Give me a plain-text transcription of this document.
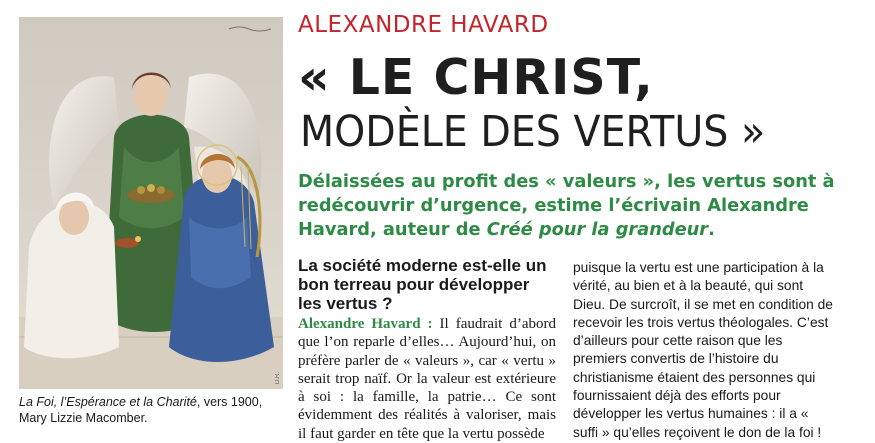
D.R.
La Foi, l’Espérance et la Charité, vers 1900, Mary Lizzie Macomber.
ALEXANDRE HAVARD
« LE CHRIST,
MODÈLE DES VERTUS »
Délaissées au profit des « valeurs », les vertus sont à redécouvrir d’urgence, estime l’écrivain Alexandre Havard, auteur de Créé pour la grandeur.
La société moderne est-elle un bon terreau pour développer les vertus ?
Alexandre Havard : Il faudrait d’abord que l’on reparle d’elles… Aujourd’hui, on préfère parler de « valeurs », car « vertu » serait trop naïf. Or la valeur est extérieure à soi : la famille, la patrie… Ce sont évidemment des réalités à valoriser, mais il faut garder en tête que la vertu possède
puisque la vertu est une participation à la vérité, au bien et à la beauté, qui sont Dieu. De surcroît, il se met en condition de recevoir les trois vertus théologales. C’est d’ailleurs pour cette raison que les premiers convertis de l’histoire du christianisme étaient des personnes qui fournissaient déjà des efforts pour développer les vertus humaines : il a « suffi » qu’elles reçoivent le don de la foi !
